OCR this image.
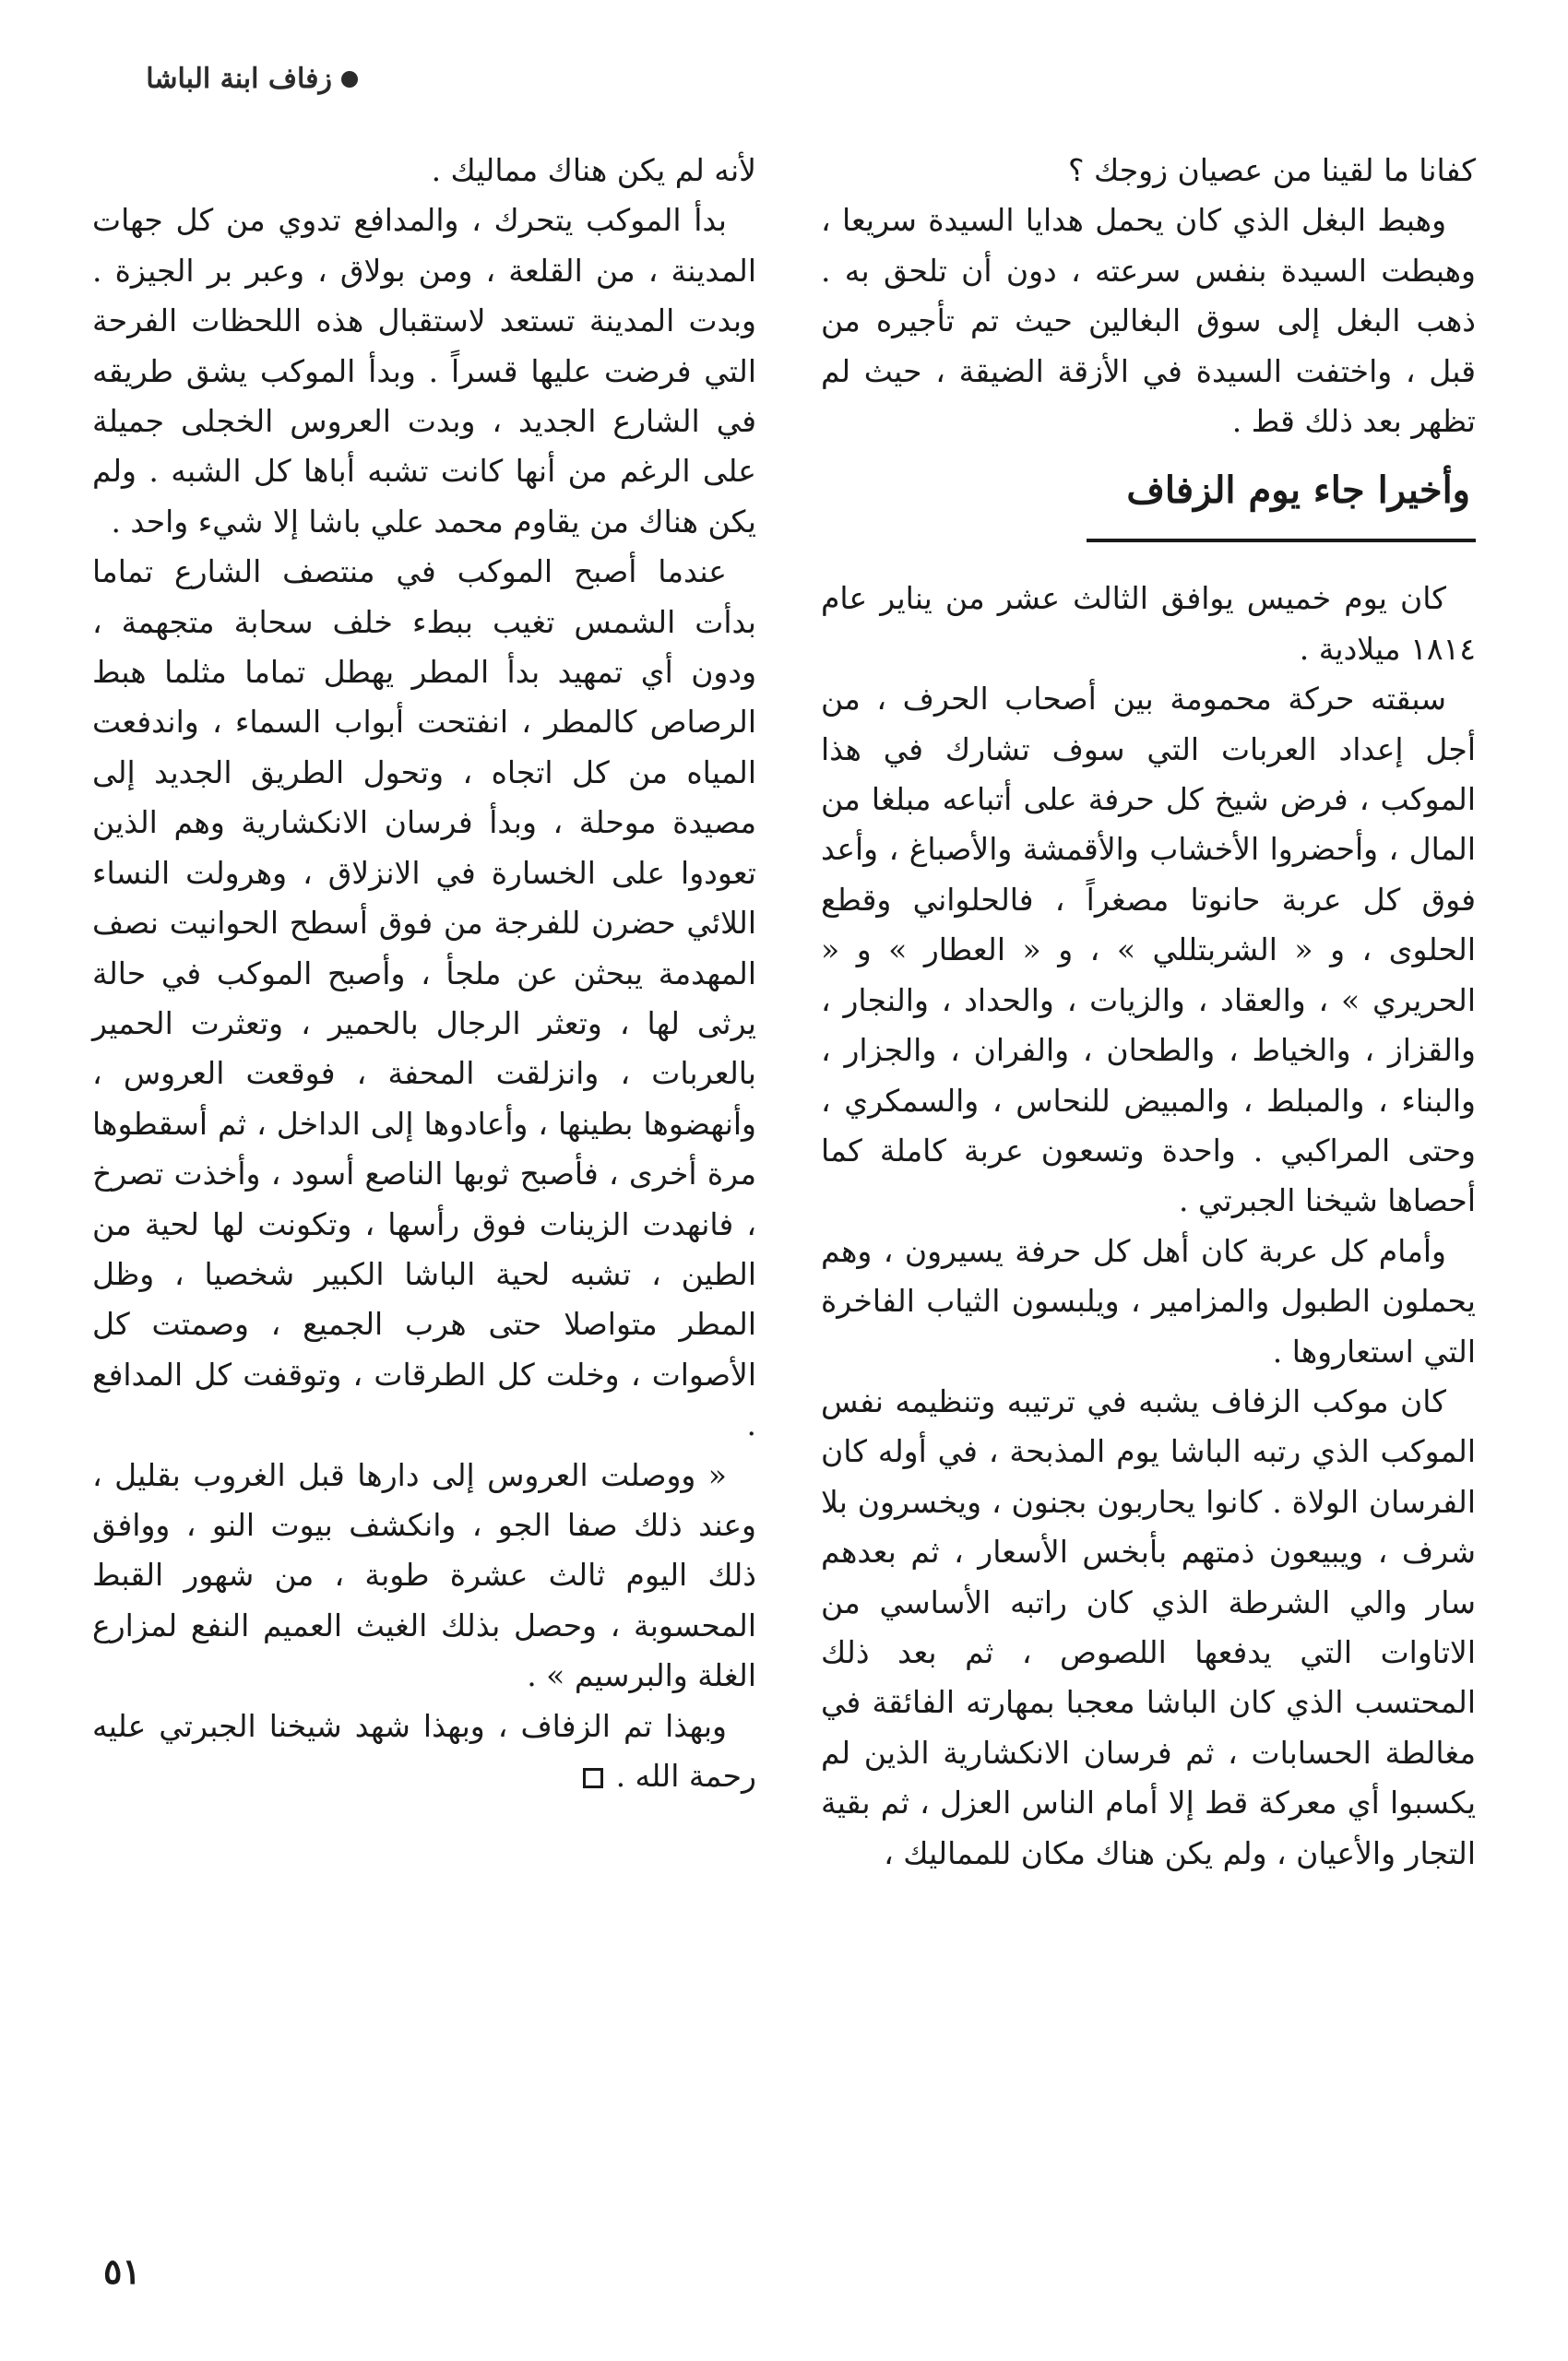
زفاف ابنة الباشا

كفانا ما لقينا من عصيان زوجك ؟

وهبط البغل الذي كان يحمل هدايا السيدة سريعا ، وهبطت السيدة بنفس سرعته ، دون أن تلحق به . ذهب البغل إلى سوق البغالين حيث تم تأجيره من قبل ، واختفت السيدة في الأزقة الضيقة ، حيث لم تظهر بعد ذلك قط .

وأخيرا جاء يوم الزفاف

كان يوم خميس يوافق الثالث عشر من يناير عام ١٨١٤ ميلادية .

سبقته حركة محمومة بين أصحاب الحرف ، من أجل إعداد العربات التي سوف تشارك في هذا الموكب ، فرض شيخ كل حرفة على أتباعه مبلغا من المال ، وأحضروا الأخشاب والأقمشة والأصباغ ، وأعد فوق كل عربة حانوتا مصغراً ، فالحلواني وقطع الحلوى ، و « الشربتللي » ، و « العطار » و « الحريري » ، والعقاد ، والزيات ، والحداد ، والنجار ، والقزاز ، والخياط ، والطحان ، والفران ، والجزار ، والبناء ، والمبلط ، والمبيض للنحاس ، والسمكري ، وحتى المراكبي . واحدة وتسعون عربة كاملة كما أحصاها شيخنا الجبرتي .

وأمام كل عربة كان أهل كل حرفة يسيرون ، وهم يحملون الطبول والمزامير ، ويلبسون الثياب الفاخرة التي استعاروها .

كان موكب الزفاف يشبه في ترتيبه وتنظيمه نفس الموكب الذي رتبه الباشا يوم المذبحة ، في أوله كان الفرسان الولاة . كانوا يحاربون بجنون ، ويخسرون بلا شرف ، ويبيعون ذمتهم بأبخس الأسعار ، ثم بعدهم سار والي الشرطة الذي كان راتبه الأساسي من الاتاوات التي يدفعها اللصوص ، ثم بعد ذلك المحتسب الذي كان الباشا معجبا بمهارته الفائقة في مغالطة الحسابات ، ثم فرسان الانكشارية الذين لم يكسبوا أي معركة قط إلا أمام الناس العزل ، ثم بقية التجار والأعيان ، ولم يكن هناك مكان للمماليك ،

لأنه لم يكن هناك مماليك .

بدأ الموكب يتحرك ، والمدافع تدوي من كل جهات المدينة ، من القلعة ، ومن بولاق ، وعبر بر الجيزة . وبدت المدينة تستعد لاستقبال هذه اللحظات الفرحة التي فرضت عليها قسراً . وبدأ الموكب يشق طريقه في الشارع الجديد ، وبدت العروس الخجلى جميلة على الرغم من أنها كانت تشبه أباها كل الشبه . ولم يكن هناك من يقاوم محمد علي باشا إلا شيء واحد .

عندما أصبح الموكب في منتصف الشارع تماما بدأت الشمس تغيب ببطء خلف سحابة متجهمة ، ودون أي تمهيد بدأ المطر يهطل تماما مثلما هبط الرصاص كالمطر ، انفتحت أبواب السماء ، واندفعت المياه من كل اتجاه ، وتحول الطريق الجديد إلى مصيدة موحلة ، وبدأ فرسان الانكشارية وهم الذين تعودوا على الخسارة في الانزلاق ، وهرولت النساء اللائي حضرن للفرجة من فوق أسطح الحوانيت نصف المهدمة يبحثن عن ملجأ ، وأصبح الموكب في حالة يرثى لها ، وتعثر الرجال بالحمير ، وتعثرت الحمير بالعربات ، وانزلقت المحفة ، فوقعت العروس ، وأنهضوها بطينها ، وأعادوها إلى الداخل ، ثم أسقطوها مرة أخرى ، فأصبح ثوبها الناصع أسود ، وأخذت تصرخ ، فانهدت الزينات فوق رأسها ، وتكونت لها لحية من الطين ، تشبه لحية الباشا الكبير شخصيا ، وظل المطر متواصلا حتى هرب الجميع ، وصمتت كل الأصوات ، وخلت كل الطرقات ، وتوقفت كل المدافع .

« ووصلت العروس إلى دارها قبل الغروب بقليل ، وعند ذلك صفا الجو ، وانكشف بيوت النو ، ووافق ذلك اليوم ثالث عشرة طوبة ، من شهور القبط المحسوبة ، وحصل بذلك الغيث العميم النفع لمزارع الغلة والبرسيم » .

وبهذا تم الزفاف ، وبهذا شهد شيخنا الجبرتي عليه رحمة الله .

٥١
